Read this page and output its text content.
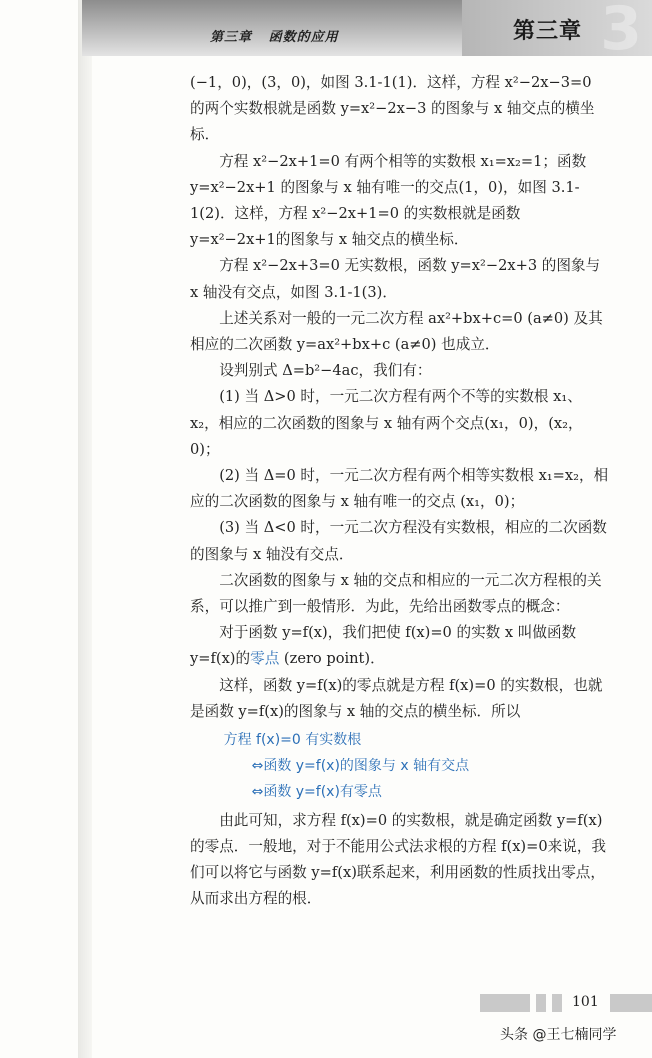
第三章   函数的应用	3
第三章

(−1，0)，(3，0)，如图 3.1-1(1)．这样，方程 x²−2x−3=0 的两个实数根就是函数 y=x²−2x−3 的图象与 x 轴交点的横坐标．

方程 x²−2x+1=0 有两个相等的实数根 x₁=x₂=1；函数 y=x²−2x+1 的图象与 x 轴有唯一的交点(1，0)，如图 3.1-1(2)．这样，方程 x²−2x+1=0 的实数根就是函数 y=x²−2x+1的图象与 x 轴交点的横坐标．

方程 x²−2x+3=0 无实数根，函数 y=x²−2x+3 的图象与 x 轴没有交点，如图 3.1-1(3)．

上述关系对一般的一元二次方程 ax²+bx+c=0 (a≠0) 及其相应的二次函数 y=ax²+bx+c (a≠0) 也成立．

设判别式 Δ=b²−4ac，我们有：

(1) 当 Δ>0 时，一元二次方程有两个不等的实数根 x₁、x₂，相应的二次函数的图象与 x 轴有两个交点(x₁，0)，(x₂，0)；

(2) 当 Δ=0 时，一元二次方程有两个相等实数根 x₁=x₂，相应的二次函数的图象与 x 轴有唯一的交点 (x₁，0)；

(3) 当 Δ<0 时，一元二次方程没有实数根，相应的二次函数的图象与 x 轴没有交点．

二次函数的图象与 x 轴的交点和相应的一元二次方程根的关系，可以推广到一般情形．为此，先给出函数零点的概念：

对于函数 y=f(x)，我们把使 f(x)=0 的实数 x 叫做函数 y=f(x)的零点 (zero point)．

这样，函数 y=f(x)的零点就是方程 f(x)=0 的实数根，也就是函数 y=f(x)的图象与 x 轴的交点的横坐标．所以

方程 f(x)=0 有实数根

⇔函数 y=f(x)的图象与 x 轴有交点

⇔函数 y=f(x)有零点

由此可知，求方程 f(x)=0 的实数根，就是确定函数 y=f(x)的零点．一般地，对于不能用公式法求根的方程 f(x)=0来说，我们可以将它与函数 y=f(x)联系起来，利用函数的性质找出零点，从而求出方程的根．

101
头条 @王七楠同学
